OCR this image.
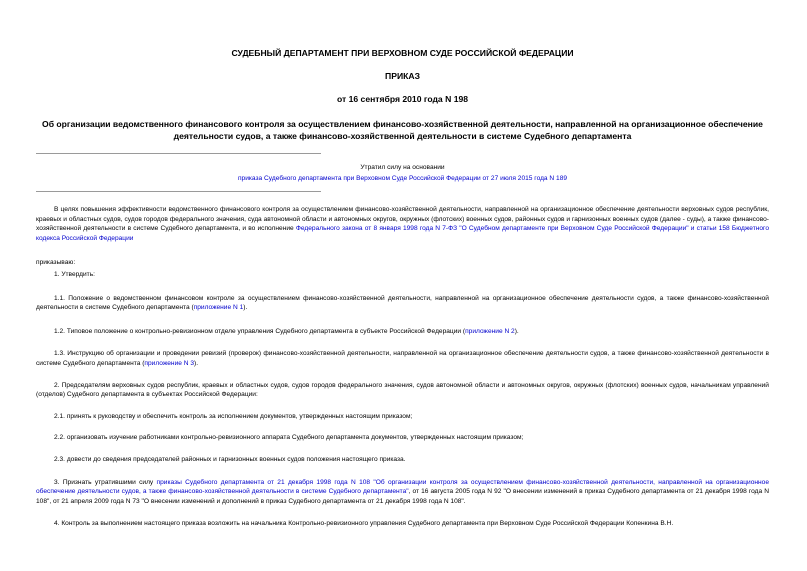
СУДЕБНЫЙ ДЕПАРТАМЕНТ ПРИ ВЕРХОВНОМ СУДЕ РОССИЙСКОЙ ФЕДЕРАЦИИ
ПРИКАЗ
от 16 сентября 2010 года N 198
Об организации ведомственного финансового контроля за осуществлением финансово-хозяйственной деятельности, направленной на организационное обеспечение деятельности судов, а также финансово-хозяйственной деятельности в системе Судебного департамента
Утратил силу на основании
приказа Судебного департамента при Верховном Суде Российской Федерации от 27 июля 2015 года N 189

В целях повышения эффективности ведомственного финансового контроля за осуществлением финансово-хозяйственной деятельности, направленной на организационное обеспечение деятельности верховных судов республик, краевых и областных судов, судов городов федерального значения, суда автономной области и автономных округов, окружных (флотских) военных судов, районных судов и гарнизонных военных судов (далее - суды), а также финансово-хозяйственной деятельности в системе Судебного департамента, и во исполнение Федерального закона от 8 января 1998 года N 7-ФЗ "О Судебном департаменте при Верховном Суде Российской Федерации" и статьи 158 Бюджетного кодекса Российской Федерации

приказываю:

1. Утвердить:

1.1. Положение о ведомственном финансовом контроле за осуществлением финансово-хозяйственной деятельности, направленной на организационное обеспечение деятельности судов, а также финансово-хозяйственной деятельности в системе Судебного департамента (приложение N 1).

1.2. Типовое положение о контрольно-ревизионном отделе управления Судебного департамента в субъекте Российской Федерации (приложение N 2).

1.3. Инструкцию об организации и проведении ревизий (проверок) финансово-хозяйственной деятельности, направленной на организационное обеспечение деятельности судов, а также финансово-хозяйственной деятельности в системе Судебного департамента (приложение N 3).

2. Председателям верховных судов республик, краевых и областных судов, судов городов федерального значения, судов автономной области и автономных округов, окружных (флотских) военных судов, начальникам управлений (отделов) Судебного департамента в субъектах Российской Федерации:

2.1. принять к руководству и обеспечить контроль за исполнением документов, утвержденных настоящим приказом;

2.2. организовать изучение работниками контрольно-ревизионного аппарата Судебного департамента документов, утвержденных настоящим приказом;

2.3. довести до сведения председателей районных и гарнизонных военных судов положения настоящего приказа.

3. Признать утратившими силу приказы Судебного департамента от 21 декабря 1998 года N 108 "Об организации контроля за осуществлением финансово-хозяйственной деятельности, направленной на организационное обеспечение деятельности судов, а также финансово-хозяйственной деятельности в системе Судебного департамента", от 16 августа 2005 года N 92 "О внесении изменений в приказ Судебного департамента от 21 декабря 1998 года N 108", от 21 апреля 2009 года N 73 "О внесении изменений и дополнений в приказ Судебного департамента от 21 декабря 1998 года N 108".

4. Контроль за выполнением настоящего приказа возложить на начальника Контрольно-ревизионного управления Судебного департамента при Верховном Суде Российской Федерации Копенкина В.Н.
